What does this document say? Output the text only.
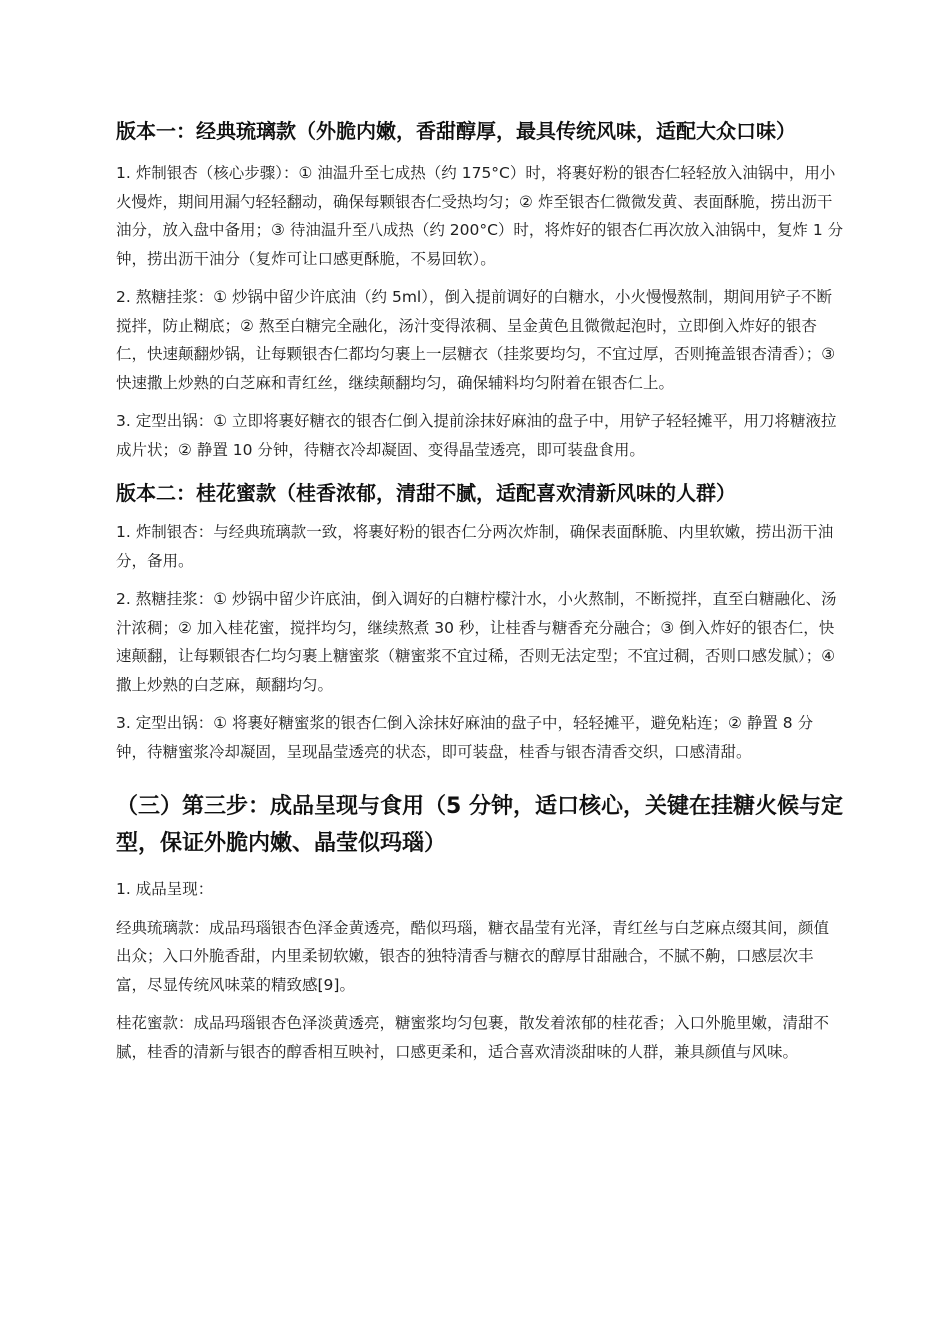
版本一：经典琉璃款（外脆内嫩，香甜醇厚，最具传统风味，适配大众口味）

1. 炸制银杏（核心步骤）：① 油温升至七成热（约 175°C）时，将裹好粉的银杏仁轻轻放入油锅中，用小火慢炸，期间用漏勺轻轻翻动，确保每颗银杏仁受热均匀；② 炸至银杏仁微微发黄、表面酥脆，捞出沥干油分，放入盘中备用；③ 待油温升至八成热（约 200°C）时，将炸好的银杏仁再次放入油锅中，复炸 1 分钟，捞出沥干油分（复炸可让口感更酥脆，不易回软）。

2. 熬糖挂浆：① 炒锅中留少许底油（约 5ml），倒入提前调好的白糖水，小火慢慢熬制，期间用铲子不断搅拌，防止糊底；② 熬至白糖完全融化，汤汁变得浓稠、呈金黄色且微微起泡时，立即倒入炸好的银杏仁，快速颠翻炒锅，让每颗银杏仁都均匀裹上一层糖衣（挂浆要均匀，不宜过厚，否则掩盖银杏清香）；③ 快速撒上炒熟的白芝麻和青红丝，继续颠翻均匀，确保辅料均匀附着在银杏仁上。

3. 定型出锅：① 立即将裹好糖衣的银杏仁倒入提前涂抹好麻油的盘子中，用铲子轻轻摊平，用刀将糖液拉成片状；② 静置 10 分钟，待糖衣冷却凝固、变得晶莹透亮，即可装盘食用。

版本二：桂花蜜款（桂香浓郁，清甜不腻，适配喜欢清新风味的人群）

1. 炸制银杏：与经典琉璃款一致，将裹好粉的银杏仁分两次炸制，确保表面酥脆、内里软嫩，捞出沥干油分，备用。

2. 熬糖挂浆：① 炒锅中留少许底油，倒入调好的白糖柠檬汁水，小火熬制，不断搅拌，直至白糖融化、汤汁浓稠；② 加入桂花蜜，搅拌均匀，继续熬煮 30 秒，让桂香与糖香充分融合；③ 倒入炸好的银杏仁，快速颠翻，让每颗银杏仁均匀裹上糖蜜浆（糖蜜浆不宜过稀，否则无法定型；不宜过稠，否则口感发腻）；④ 撒上炒熟的白芝麻，颠翻均匀。

3. 定型出锅：① 将裹好糖蜜浆的银杏仁倒入涂抹好麻油的盘子中，轻轻摊平，避免粘连；② 静置 8 分钟，待糖蜜浆冷却凝固，呈现晶莹透亮的状态，即可装盘，桂香与银杏清香交织，口感清甜。

（三）第三步：成品呈现与食用（5 分钟，适口核心，关键在挂糖火候与定型，保证外脆内嫩、晶莹似玛瑙）

1. 成品呈现：

经典琉璃款：成品玛瑙银杏色泽金黄透亮，酷似玛瑙，糖衣晶莹有光泽，青红丝与白芝麻点缀其间，颜值出众；入口外脆香甜，内里柔韧软嫩，银杏的独特清香与糖衣的醇厚甘甜融合，不腻不齁，口感层次丰富，尽显传统风味菜的精致感[9]。

桂花蜜款：成品玛瑙银杏色泽淡黄透亮，糖蜜浆均匀包裹，散发着浓郁的桂花香；入口外脆里嫩，清甜不腻，桂香的清新与银杏的醇香相互映衬，口感更柔和，适合喜欢清淡甜味的人群，兼具颜值与风味。
